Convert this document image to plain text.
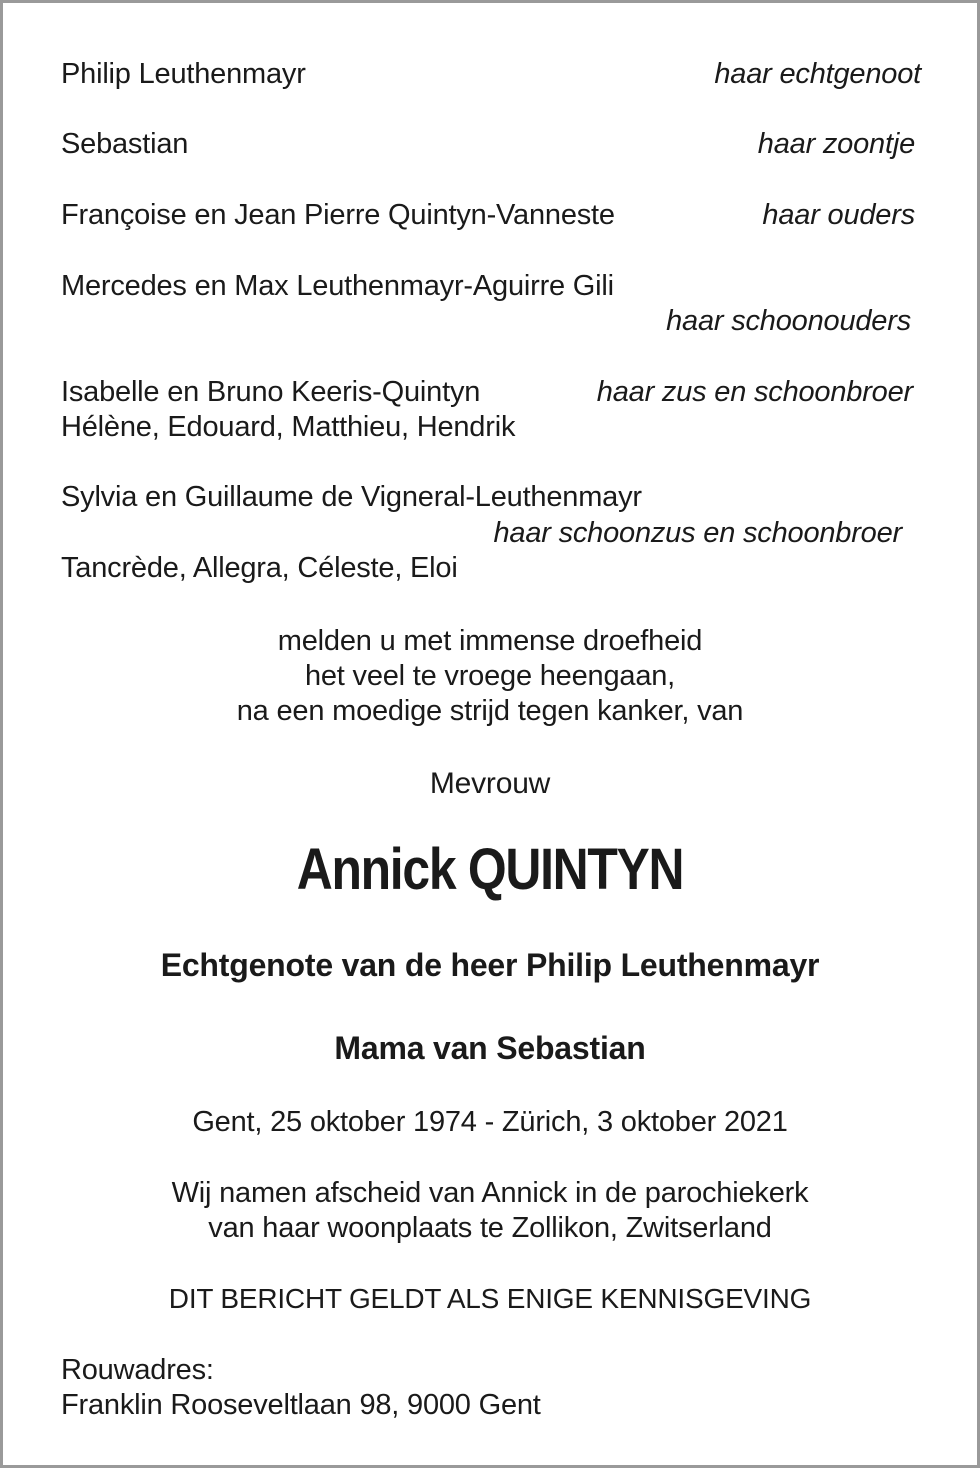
Philip Leuthenmayr	haar echtgenoot
Sebastian	haar zoontje
Françoise en Jean Pierre Quintyn-Vanneste	haar ouders
Mercedes en Max Leuthenmayr-Aguirre Gili
haar schoonouders
Isabelle en Bruno Keeris-Quintyn	haar zus en schoonbroer
Hélène, Edouard, Matthieu, Hendrik
Sylvia en Guillaume de Vigneral-Leuthenmayr
haar schoonzus en schoonbroer
Tancrède, Allegra, Céleste, Eloi
melden u met immense droefheid
het veel te vroege heengaan,
na een moedige strijd tegen kanker, van
Mevrouw
Annick QUINTYN
Echtgenote van de heer Philip Leuthenmayr
Mama van Sebastian
Gent, 25 oktober 1974 - Zürich, 3 oktober 2021
Wij namen afscheid van Annick in de parochiekerk
van haar woonplaats te Zollikon, Zwitserland
DIT BERICHT GELDT ALS ENIGE KENNISGEVING
Rouwadres:
Franklin Rooseveltlaan 98, 9000 Gent
